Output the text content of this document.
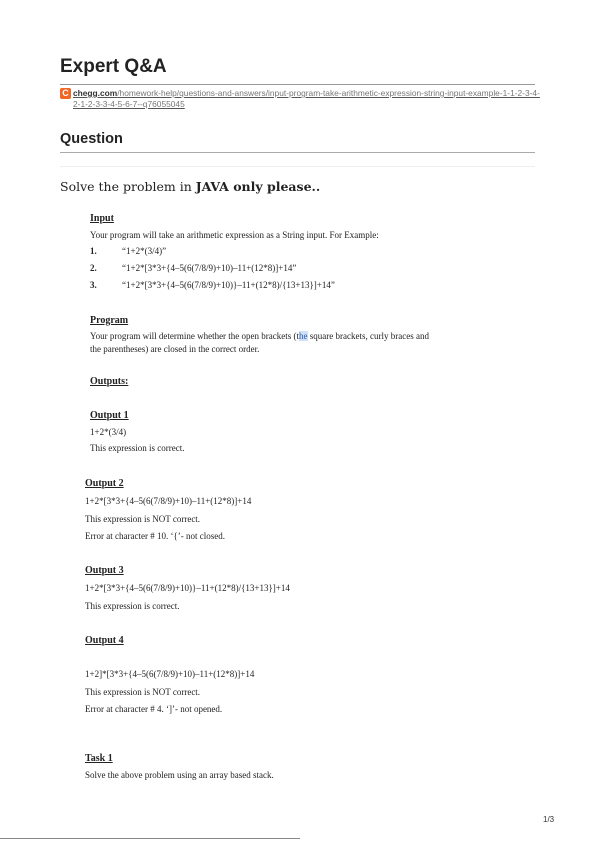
Expert Q&A
C chegg.com/homework-help/questions-and-answers/input-program-take-arithmetic-expression-string-input-example-1-1-2-3-4-2-1-2-3-3-4-5-6-7--q76055045
Question
Solve the problem in JAVA only please..
Input
Your program will take an arithmetic expression as a String input. For Example:
1.	“1+2*(3/4)”
2.	“1+2*[3*3+{4–5(6(7/8/9)+10)–11+(12*8)]+14”
3.	“1+2*[3*3+{4–5(6(7/8/9)+10)}–11+(12*8)/{13+13}]+14”
Program
Your program will determine whether the open brackets (the square brackets, curly braces and
the parentheses) are closed in the correct order.
Outputs:
Output 1
1+2*(3/4)
This expression is correct.
Output 2
1+2*[3*3+{4–5(6(7/8/9)+10)–11+(12*8)]+14
This expression is NOT correct.
Error at character # 10. ‘{’- not closed.
Output 3
1+2*[3*3+{4–5(6(7/8/9)+10)}–11+(12*8)/{13+13}]+14
This expression is correct.
Output 4
1+2]*[3*3+{4–5(6(7/8/9)+10)–11+(12*8)]+14
This expression is NOT correct.
Error at character # 4. ‘]’- not opened.
Task 1
Solve the above problem using an array based stack.
1/3
